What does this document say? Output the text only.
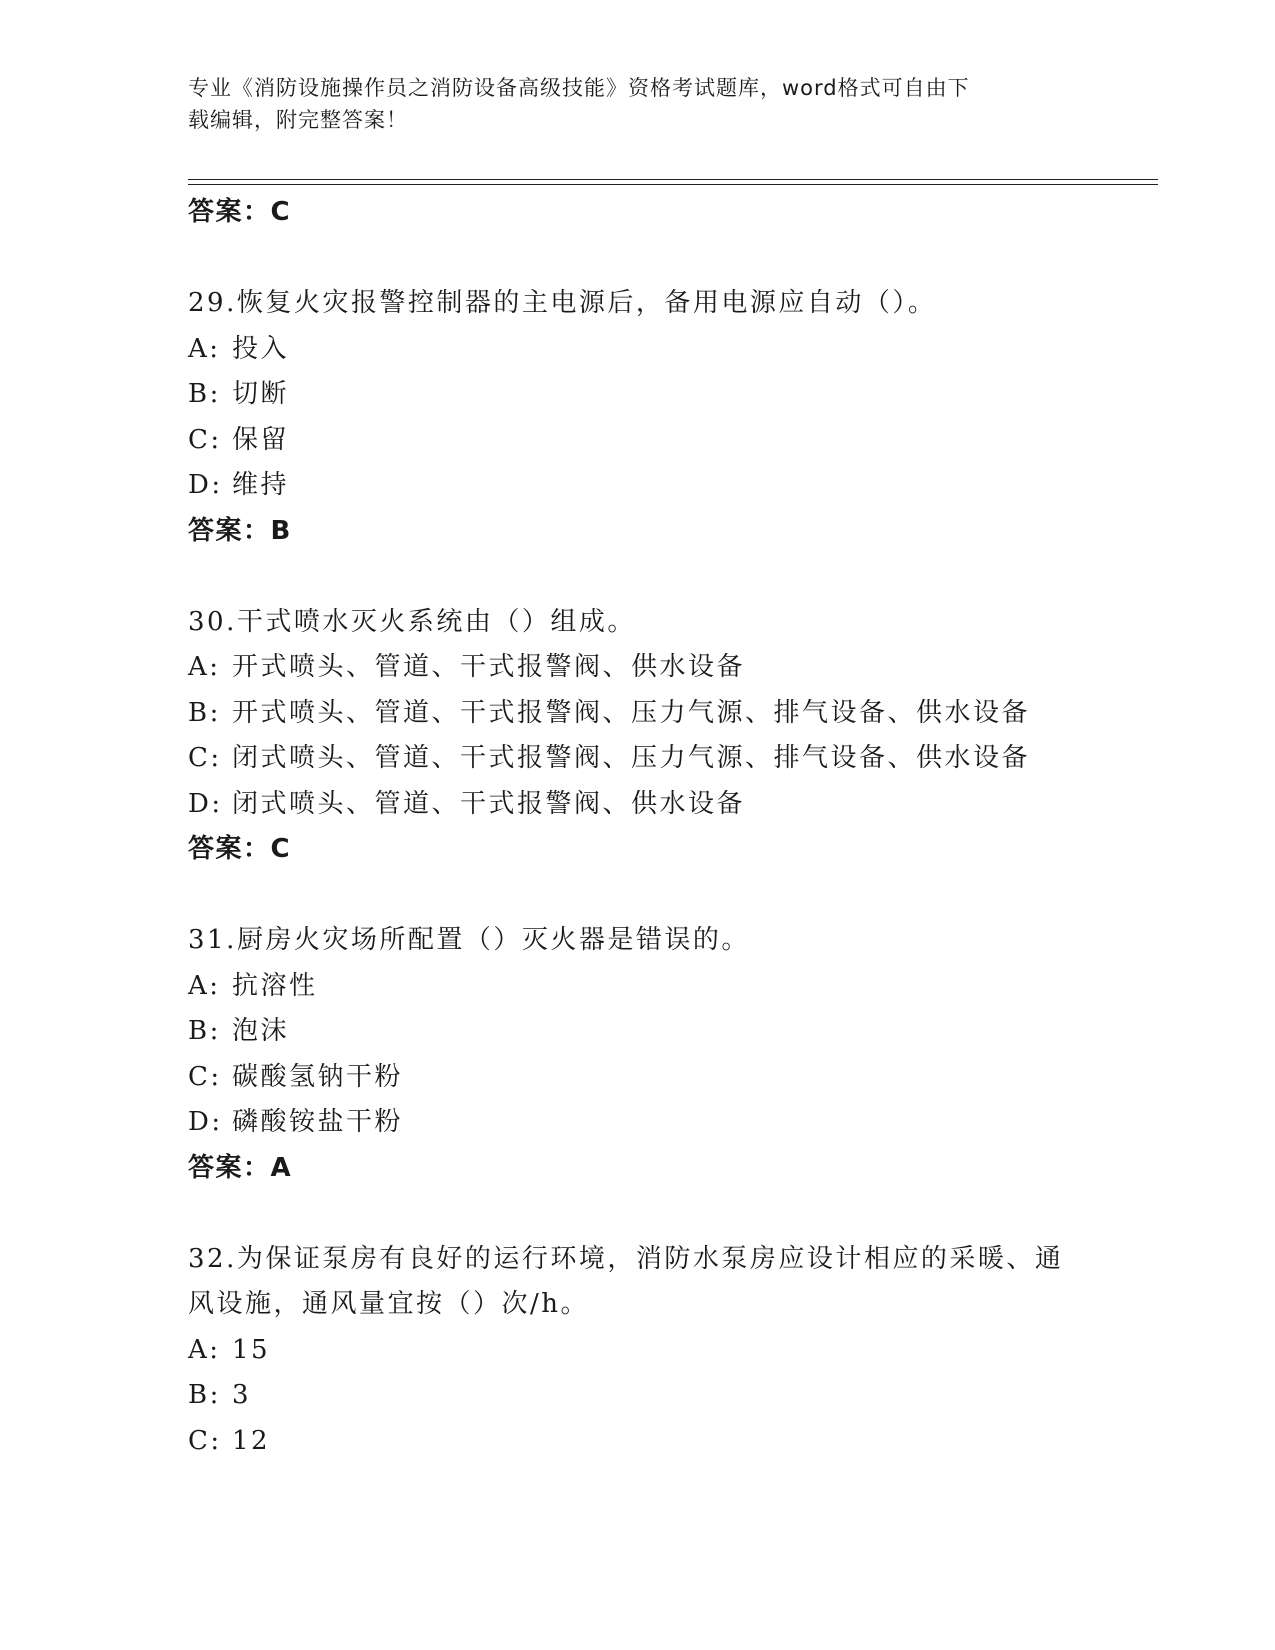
专业《消防设施操作员之消防设备高级技能》资格考试题库，word格式可自由下
载编辑，附完整答案！
答案：C
29.恢复火灾报警控制器的主电源后，备用电源应自动（）。
A: 投入
B: 切断
C: 保留
D: 维持
答案：B
30.干式喷水灭火系统由（）组成。
A: 开式喷头、管道、干式报警阀、供水设备
B: 开式喷头、管道、干式报警阀、压力气源、排气设备、供水设备
C: 闭式喷头、管道、干式报警阀、压力气源、排气设备、供水设备
D: 闭式喷头、管道、干式报警阀、供水设备
答案：C
31.厨房火灾场所配置（）灭火器是错误的。
A: 抗溶性
B: 泡沫
C: 碳酸氢钠干粉
D: 磷酸铵盐干粉
答案：A
32.为保证泵房有良好的运行环境，消防水泵房应设计相应的采暖、通
风设施，通风量宜按（）次/h。
A: 15
B: 3
C: 12
